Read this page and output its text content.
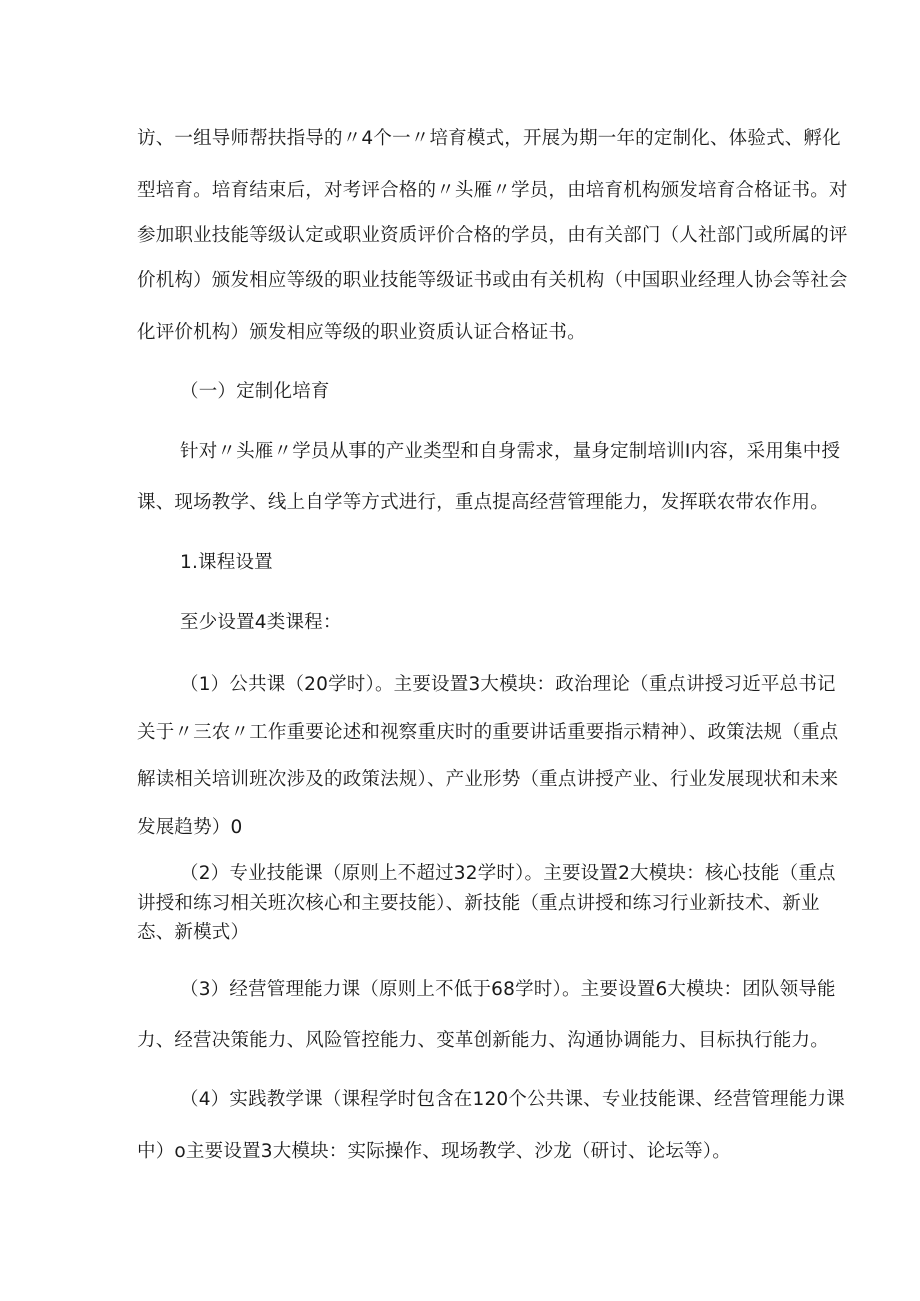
访、一组导师帮扶指导的〃4个一〃培育模式，开展为期一年的定制化、体验式、孵化
型培育。培育结束后，对考评合格的〃头雁〃学员，由培育机构颁发培育合格证书。对
参加职业技能等级认定或职业资质评价合格的学员，由有关部门（人社部门或所属的评
价机构）颁发相应等级的职业技能等级证书或由有关机构（中国职业经理人协会等社会
化评价机构）颁发相应等级的职业资质认证合格证书。
（一）定制化培育
针对〃头雁〃学员从事的产业类型和自身需求，量身定制培训I内容，采用集中授
课、现场教学、线上自学等方式进行，重点提高经营管理能力，发挥联农带农作用。
1.课程设置
至少设置4类课程：
（1）公共课（20学时）。主要设置3大模块：政治理论（重点讲授习近平总书记
关于〃三农〃工作重要论述和视察重庆时的重要讲话重要指示精神）、政策法规（重点
解读相关培训班次涉及的政策法规）、产业形势（重点讲授产业、行业发展现状和未来
发展趋势）0
（2）专业技能课（原则上不超过32学时）。主要设置2大模块：核心技能（重点
讲授和练习相关班次核心和主要技能）、新技能（重点讲授和练习行业新技术、新业
态、新模式）
（3）经营管理能力课（原则上不低于68学时）。主要设置6大模块：团队领导能
力、经营决策能力、风险管控能力、变革创新能力、沟通协调能力、目标执行能力。
（4）实践教学课（课程学时包含在120个公共课、专业技能课、经营管理能力课
中）o主要设置3大模块：实际操作、现场教学、沙龙（研讨、论坛等）。
